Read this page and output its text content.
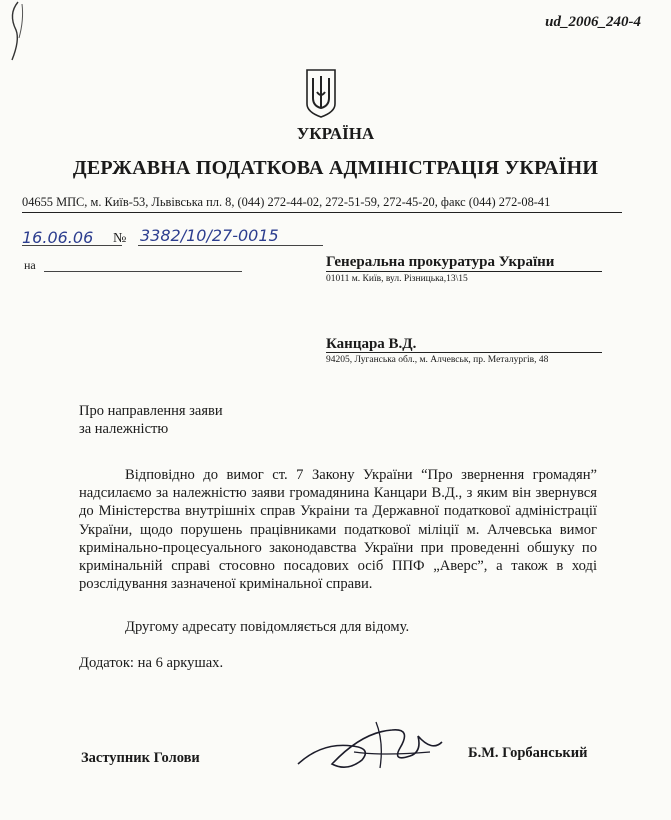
ud_2006_240-4
УКРАЇНА
ДЕРЖАВНА ПОДАТКОВА АДМІНІСТРАЦІЯ УКРАЇНИ
04655 МПС, м. Київ-53, Львівська пл. 8, (044) 272-44-02, 272-51-59, 272-45-20, факс (044) 272-08-41
16.06.06 № 3382/10/27-0015
на	Генеральна прокуратура України
01011 м. Київ, вул. Різницька,13\15
Канцара В.Д.
94205, Луганська обл., м. Алчевськ, пр. Металургів, 48
Про направлення заяви
за належністю
Відповідно до вимог ст. 7 Закону України “Про звернення громадян” надсилаємо за належністю заяви громадянина Канцари В.Д., з яким він звернувся до Міністерства внутрішніх справ Украіни та Державної податкової адміністрації України, щодо порушень працівниками податкової міліції м. Алчевська вимог кримінально-процесуального законодавства України при проведенні обшуку по кримінальній справі стосовно посадових осіб ППФ „Аверс”, а також в ході розслідування зазначеної кримінальної справи.
Другому адресату повідомляється для відому.
Додаток: на 6 аркушах.
Заступник Голови	Б.М. Горбанський
